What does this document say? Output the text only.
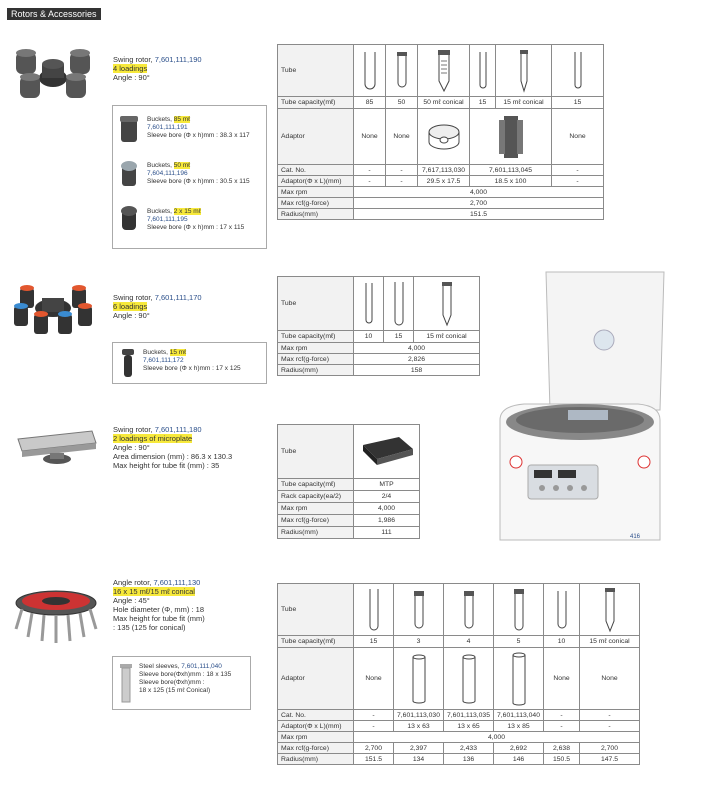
Rotors & Accessories
Swing rotor, 7,601,111,190
4 loadings
Angle : 90°
Buckets, 85 mℓ
7,601,111,191
Sleeve bore (Φ x h)mm : 38.3 x 117
Buckets, 50 mℓ
7,604,111,196
Sleeve bore (Φ x h)mm : 30.5 x 115
Buckets, 2 x 15 mℓ
7,601,111,195
Sleeve bore (Φ x h)mm : 17 x 115
Tube	

Tube capacity(mℓ)	85	50	50 mℓ conical	15	15 mℓ conical	15
Adaptor	None	None				None
Cat. No.	-	-	7,617,113,030	7,601,113,045		-
Adaptor(Φ x L)(mm)	-	-	29.5 x 17.5	18.5 x 100		-
Max rpm	4,000					
Max rcf(g-force)	2,700					
Radius(mm)	151.5					
Swing rotor, 7,601,111,170
6 loadings
Angle : 90°
Buckets, 15 mℓ
7,601,111,172
Sleeve bore (Φ x h)mm : 17 x 125
Tube	

Tube capacity(mℓ)	10	15	15 mℓ conical
Max rpm	4,000		
Max rcf(g-force)	2,826		
Radius(mm)	158		
416
Swing rotor, 7,601,111,180
2 loadings of microplate
Angle : 90°
Area dimension (mm) : 86.3 x 130.3
Max height for tube fit (mm) : 35
Tube	

Tube capacity(mℓ)	MTP
Rack capacity(ea/2)	2/4
Max rpm	4,000
Max rcf(g-force)	1,986
Radius(mm)	111
Angle rotor, 7,601,111,130
16 x 15 mℓ/15 mℓ conical
Angle : 45°
Hole diameter (Φ, mm) : 18
Max height for tube fit (mm)
: 135 (125 for conical)
Steel sleeves, 7,601,111,040
Sleeve bore(Φxh)mm : 18 x 135
Sleeve bore(Φxh)mm :
18 x 125 (15 mℓ Conical)
Tube	

Tube capacity(mℓ)	15	3	4	5	10	15 mℓ conical
Adaptor	None				None	None
Cat. No.	-	7,601,113,030	7,601,113,035	7,601,113,040	-	-
Adaptor(Φ x L)(mm)	-	13 x 63	13 x 65	13 x 85	-	-
Max rpm	4,000					
Max rcf(g-force)	2,700	2,397	2,433	2,692	2,638	2,700
Radius(mm)	151.5	134	136	146	150.5	147.5
